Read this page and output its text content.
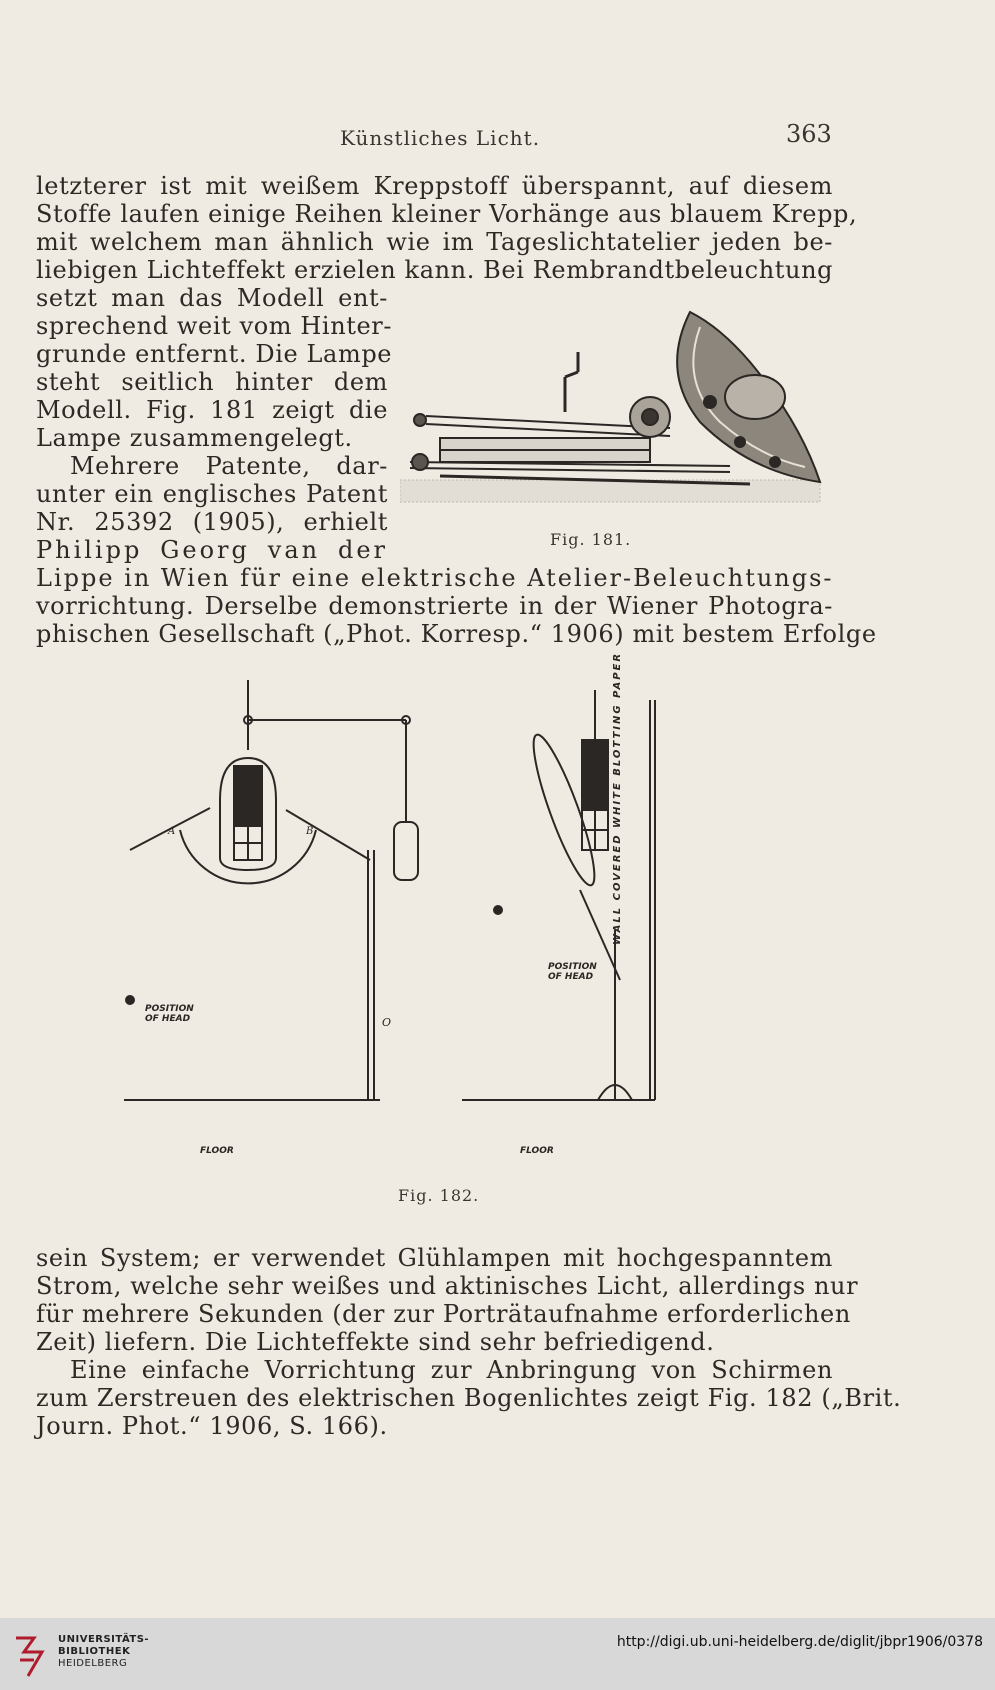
Künstliches Licht.	363
letzterer ist mit weißem Kreppstoff überspannt, auf diesem
Stoffe laufen einige Reihen kleiner Vorhänge aus blauem Krepp,
mit welchem man ähnlich wie im Tageslichtatelier jeden be-
liebigen Lichteffekt erzielen kann. Bei Rembrandtbeleuchtung
setzt man das Modell ent-
sprechend weit vom Hinter-
grunde entfernt. Die Lampe
steht seitlich hinter dem
Modell. Fig. 181 zeigt die
Lampe zusammengelegt.
Mehrere Patente, dar-
unter ein englisches Patent
Nr. 25392 (1905), erhielt
Philipp Georg van der	Fig. 181.
Lippe in Wien für eine elektrische Atelier-Beleuchtungs-
vorrichtung. Derselbe demonstrierte in der Wiener Photogra-
phischen Gesellschaft („Phot. Korresp.“ 1906) mit bestem Erfolge
POSITION OF HEAD
POSITION OF HEAD
FLOOR	FLOOR
WALL COVERED WHITE BLOTTING PAPER
A	B
O
Fig. 182.
sein System; er verwendet Glühlampen mit hochgespanntem
Strom, welche sehr weißes und aktinisches Licht, allerdings nur
für mehrere Sekunden (der zur Porträtaufnahme erforderlichen
Zeit) liefern. Die Lichteffekte sind sehr befriedigend.
Eine einfache Vorrichtung zur Anbringung von Schirmen
zum Zerstreuen des elektrischen Bogenlichtes zeigt Fig. 182 („Brit.
Journ. Phot.“ 1906, S. 166).
UNIVERSITÄTS-
BIBLIOTHEK
HEIDELBERG
http://digi.ub.uni-heidelberg.de/diglit/jbpr1906/0378
